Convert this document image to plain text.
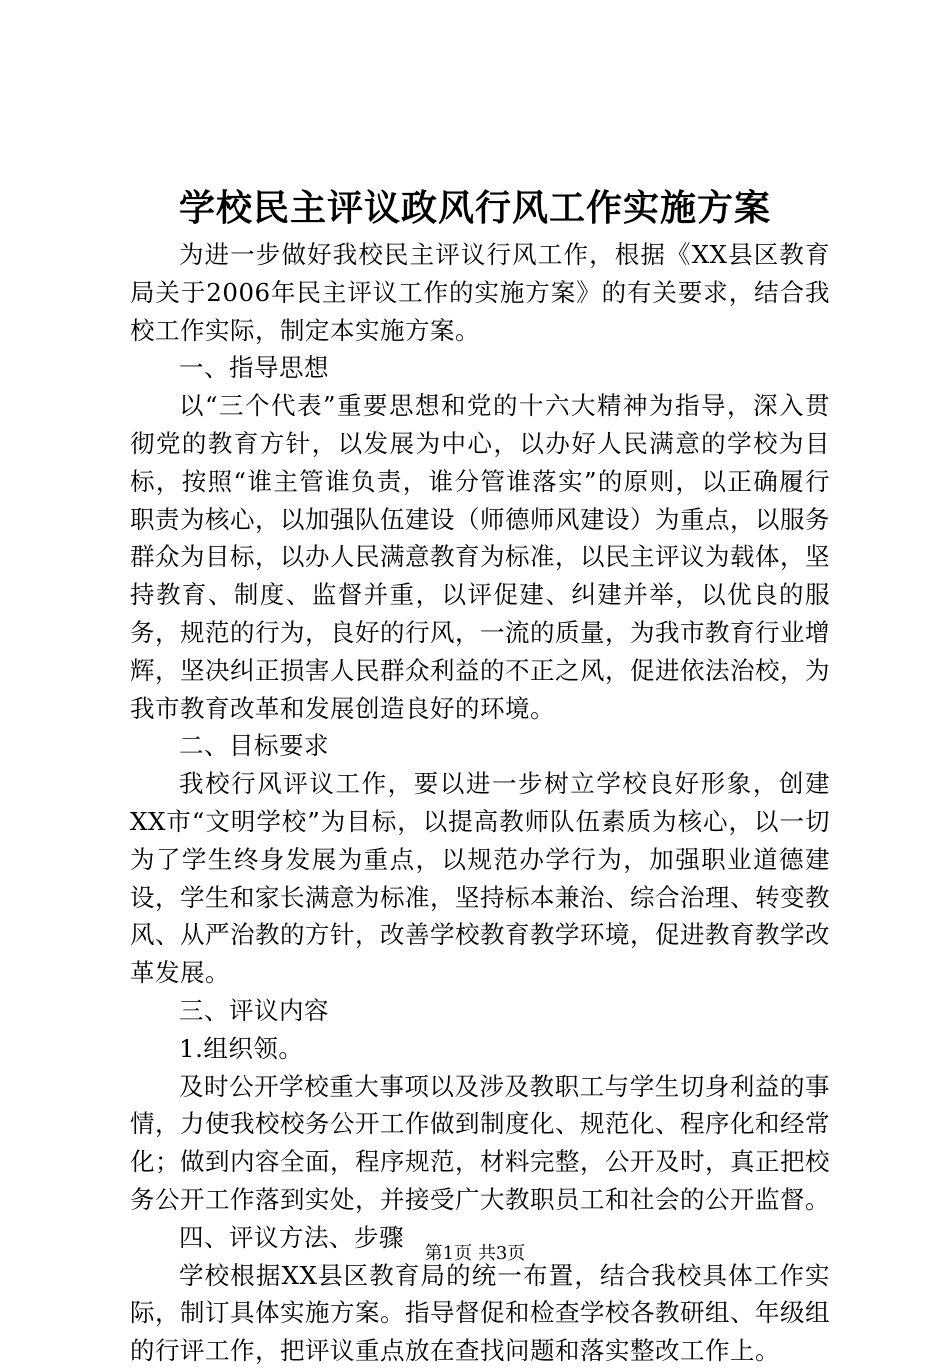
学校民主评议政风行风工作实施方案

为进一步做好我校民主评议行风工作，根据《XX县区教育局关于2006年民主评议工作的实施方案》的有关要求，结合我校工作实际，制定本实施方案。

一、指导思想

以“三个代表”重要思想和党的十六大精神为指导，深入贯彻党的教育方针，以发展为中心，以办好人民满意的学校为目标，按照“谁主管谁负责，谁分管谁落实”的原则，以正确履行职责为核心，以加强队伍建设（师德师风建设）为重点，以服务群众为目标，以办人民满意教育为标准，以民主评议为载体，坚持教育、制度、监督并重，以评促建、纠建并举，以优良的服务，规范的行为，良好的行风，一流的质量，为我市教育行业增辉，坚决纠正损害人民群众利益的不正之风，促进依法治校，为我市教育改革和发展创造良好的环境。

二、目标要求

我校行风评议工作，要以进一步树立学校良好形象，创建XX市“文明学校”为目标，以提高教师队伍素质为核心，以一切为了学生终身发展为重点，以规范办学行为，加强职业道德建设，学生和家长满意为标准，坚持标本兼治、综合治理、转变教风、从严治教的方针，改善学校教育教学环境，促进教育教学改革发展。

三、评议内容

1.组织领。

及时公开学校重大事项以及涉及教职工与学生切身利益的事情，力使我校校务公开工作做到制度化、规范化、程序化和经常化；做到内容全面，程序规范，材料完整，公开及时，真正把校务公开工作落到实处，并接受广大教职员工和社会的公开监督。

四、评议方法、步骤

学校根据XX县区教育局的统一布置，结合我校具体工作实际，制订具体实施方案。指导督促和检查学校各教研组、年级组的行评工作，把评议重点放在查找问题和落实整改工作上。

第1页 共3页
